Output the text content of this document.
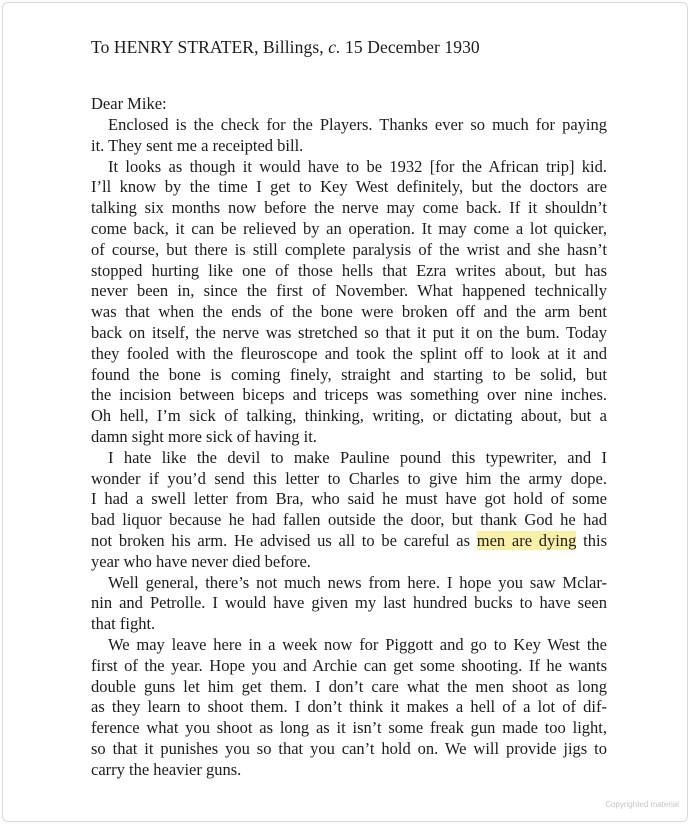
To HENRY STRATER, Billings, c. 15 December 1930
Dear Mike:

Enclosed is the check for the Players. Thanks ever so much for paying
it. They sent me a receipted bill.

It looks as though it would have to be 1932 [for the African trip] kid.
I’ll know by the time I get to Key West definitely, but the doctors are
talking six months now before the nerve may come back. If it shouldn’t
come back, it can be relieved by an operation. It may come a lot quicker,
of course, but there is still complete paralysis of the wrist and she hasn’t
stopped hurting like one of those hells that Ezra writes about, but has
never been in, since the first of November. What happened technically
was that when the ends of the bone were broken off and the arm bent
back on itself, the nerve was stretched so that it put it on the bum. Today
they fooled with the fleuroscope and took the splint off to look at it and
found the bone is coming finely, straight and starting to be solid, but
the incision between biceps and triceps was something over nine inches.
Oh hell, I’m sick of talking, thinking, writing, or dictating about, but a
damn sight more sick of having it.

I hate like the devil to make Pauline pound this typewriter, and I
wonder if you’d send this letter to Charles to give him the army dope.
I had a swell letter from Bra, who said he must have got hold of some
bad liquor because he had fallen outside the door, but thank God he had
not broken his arm. He advised us all to be careful as men are dying this
year who have never died before.

Well general, there’s not much news from here. I hope you saw Mclar-
nin and Petrolle. I would have given my last hundred bucks to have seen
that fight.

We may leave here in a week now for Piggott and go to Key West the
first of the year. Hope you and Archie can get some shooting. If he wants
double guns let him get them. I don’t care what the men shoot as long
as they learn to shoot them. I don’t think it makes a hell of a lot of dif-
ference what you shoot as long as it isn’t some freak gun made too light,
so that it punishes you so that you can’t hold on. We will provide jigs to
carry the heavier guns.

Copyrighted material
